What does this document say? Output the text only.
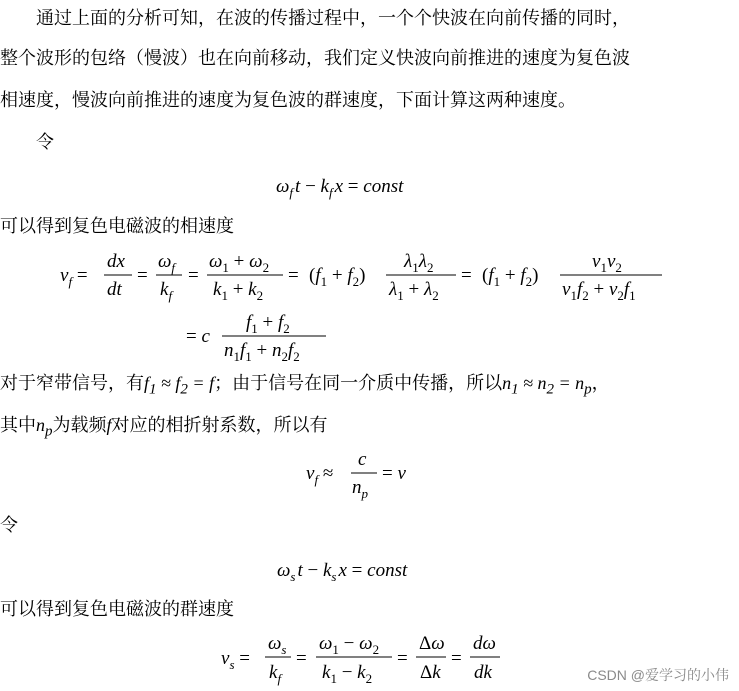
通过上面的分析可知，在波的传播过程中，一个个快波在向前传播的同时，
整个波形的包络（慢波）也在向前移动，我们定义快波向前推进的速度为复色波
相速度，慢波向前推进的速度为复色波的群速度，下面计算这两种速度。
令
$\omega_f$ $t - k_f$ x = const
可以得到复色电磁波的相速度
$v_f$ =
dx
dt
=
$\omega_f$
$k_f$
=
$\omega_1 + \omega_2$
$k_1 + k_2$
= $(f_1 + f_2)$
$\lambda_1\lambda_2$
$\lambda_1 + \lambda_2$
= $(f_1 + f_2)$
$v_1v_2$
$v_1f_2 + v_2f_1$
= c
$f_1 + f_2$
$n_1f_1 + n_2f_2$
对于窄带信号，有$f_1 \approx f_2 = f$；由于信号在同一介质中传播，所以$n_1 \approx n_2 = n_p$，
其中$n_p$为载频f对应的相折射系数，所以有
$v_f$ ≈
c
$n_p$
= v
令
$\omega_s$ $t - k_s$ x = const
可以得到复色电磁波的群速度
$v_s$ =
$\omega_s$
$k_f$
=
$\omega_1 - \omega_2$
$k_1 - k_2$
=
Δω
Δk
=
dω
dk	CSDN @爱学习的小伟
